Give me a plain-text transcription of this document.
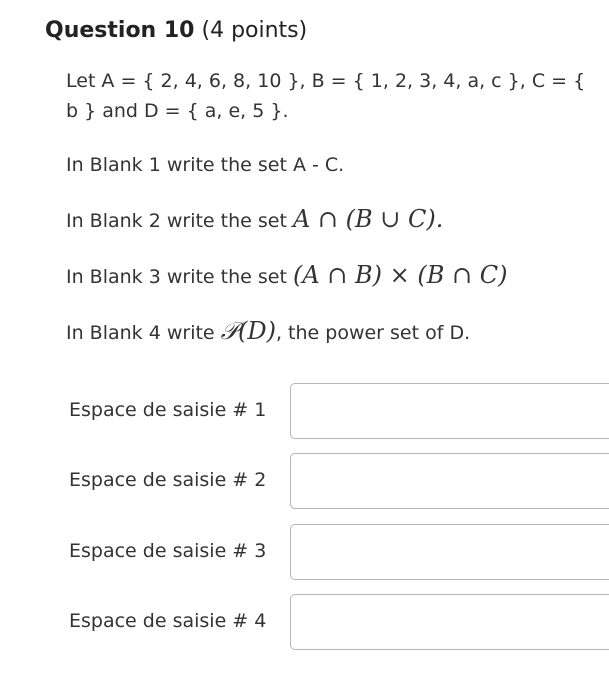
Question 10 (4 points)
Let A = { 2, 4, 6, 8, 10 }, B = { 1, 2, 3, 4, a, c }, C = {
b } and D = { a, e, 5 }.
In Blank 1 write the set A - C.
In Blank 2 write the set A ∩ (B ∪ C).
In Blank 3 write the set (A ∩ B) × (B ∩ C)
In Blank 4 write 𝒫(D), the power set of D.
Espace de saisie # 1
Espace de saisie # 2
Espace de saisie # 3
Espace de saisie # 4
